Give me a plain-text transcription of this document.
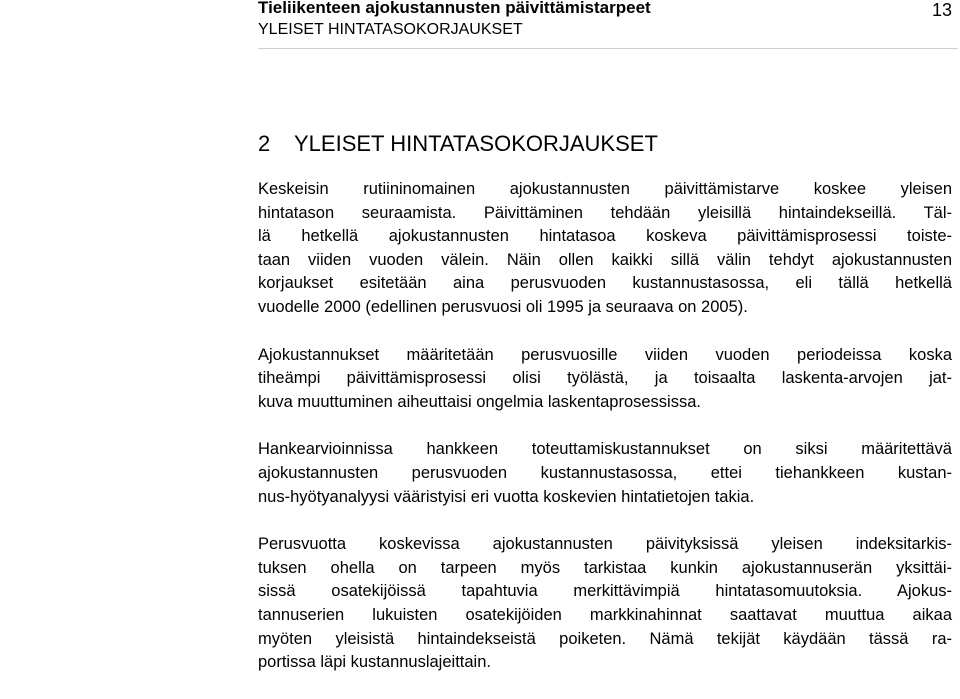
Tieliikenteen ajokustannusten päivittämistarpeet
YLEISET HINTATASOKORJAUKSET
13
2 YLEISET HINTATASOKORJAUKSET

Keskeisin rutiininomainen ajokustannusten päivittämistarve koskee yleisen
hintatason seuraamista. Päivittäminen tehdään yleisillä hintaindekseillä. Täl-
lä hetkellä ajokustannusten hintatasoa koskeva päivittämisprosessi toiste-
taan viiden vuoden välein. Näin ollen kaikki sillä välin tehdyt ajokustannusten
korjaukset esitetään aina perusvuoden kustannustasossa, eli tällä hetkellä
vuodelle 2000 (edellinen perusvuosi oli 1995 ja seuraava on 2005).

Ajokustannukset määritetään perusvuosille viiden vuoden periodeissa koska
tiheämpi päivittämisprosessi olisi työlästä, ja toisaalta laskenta-arvojen jat-
kuva muuttuminen aiheuttaisi ongelmia laskentaprosessissa.

Hankearvioinnissa hankkeen toteuttamiskustannukset on siksi määritettävä
ajokustannusten perusvuoden kustannustasossa, ettei tiehankkeen kustan-
nus-hyötyanalyysi vääristyisi eri vuotta koskevien hintatietojen takia.

Perusvuotta koskevissa ajokustannusten päivityksissä yleisen indeksitarkis-
tuksen ohella on tarpeen myös tarkistaa kunkin ajokustannuserän yksittäi-
sissä osatekijöissä tapahtuvia merkittävimpiä hintatasomuutoksia. Ajokus-
tannuserien lukuisten osatekijöiden markkinahinnat saattavat muuttua aikaa
myöten yleisistä hintaindekseistä poiketen. Nämä tekijät käydään tässä ra-
portissa läpi kustannuslajeittain.
